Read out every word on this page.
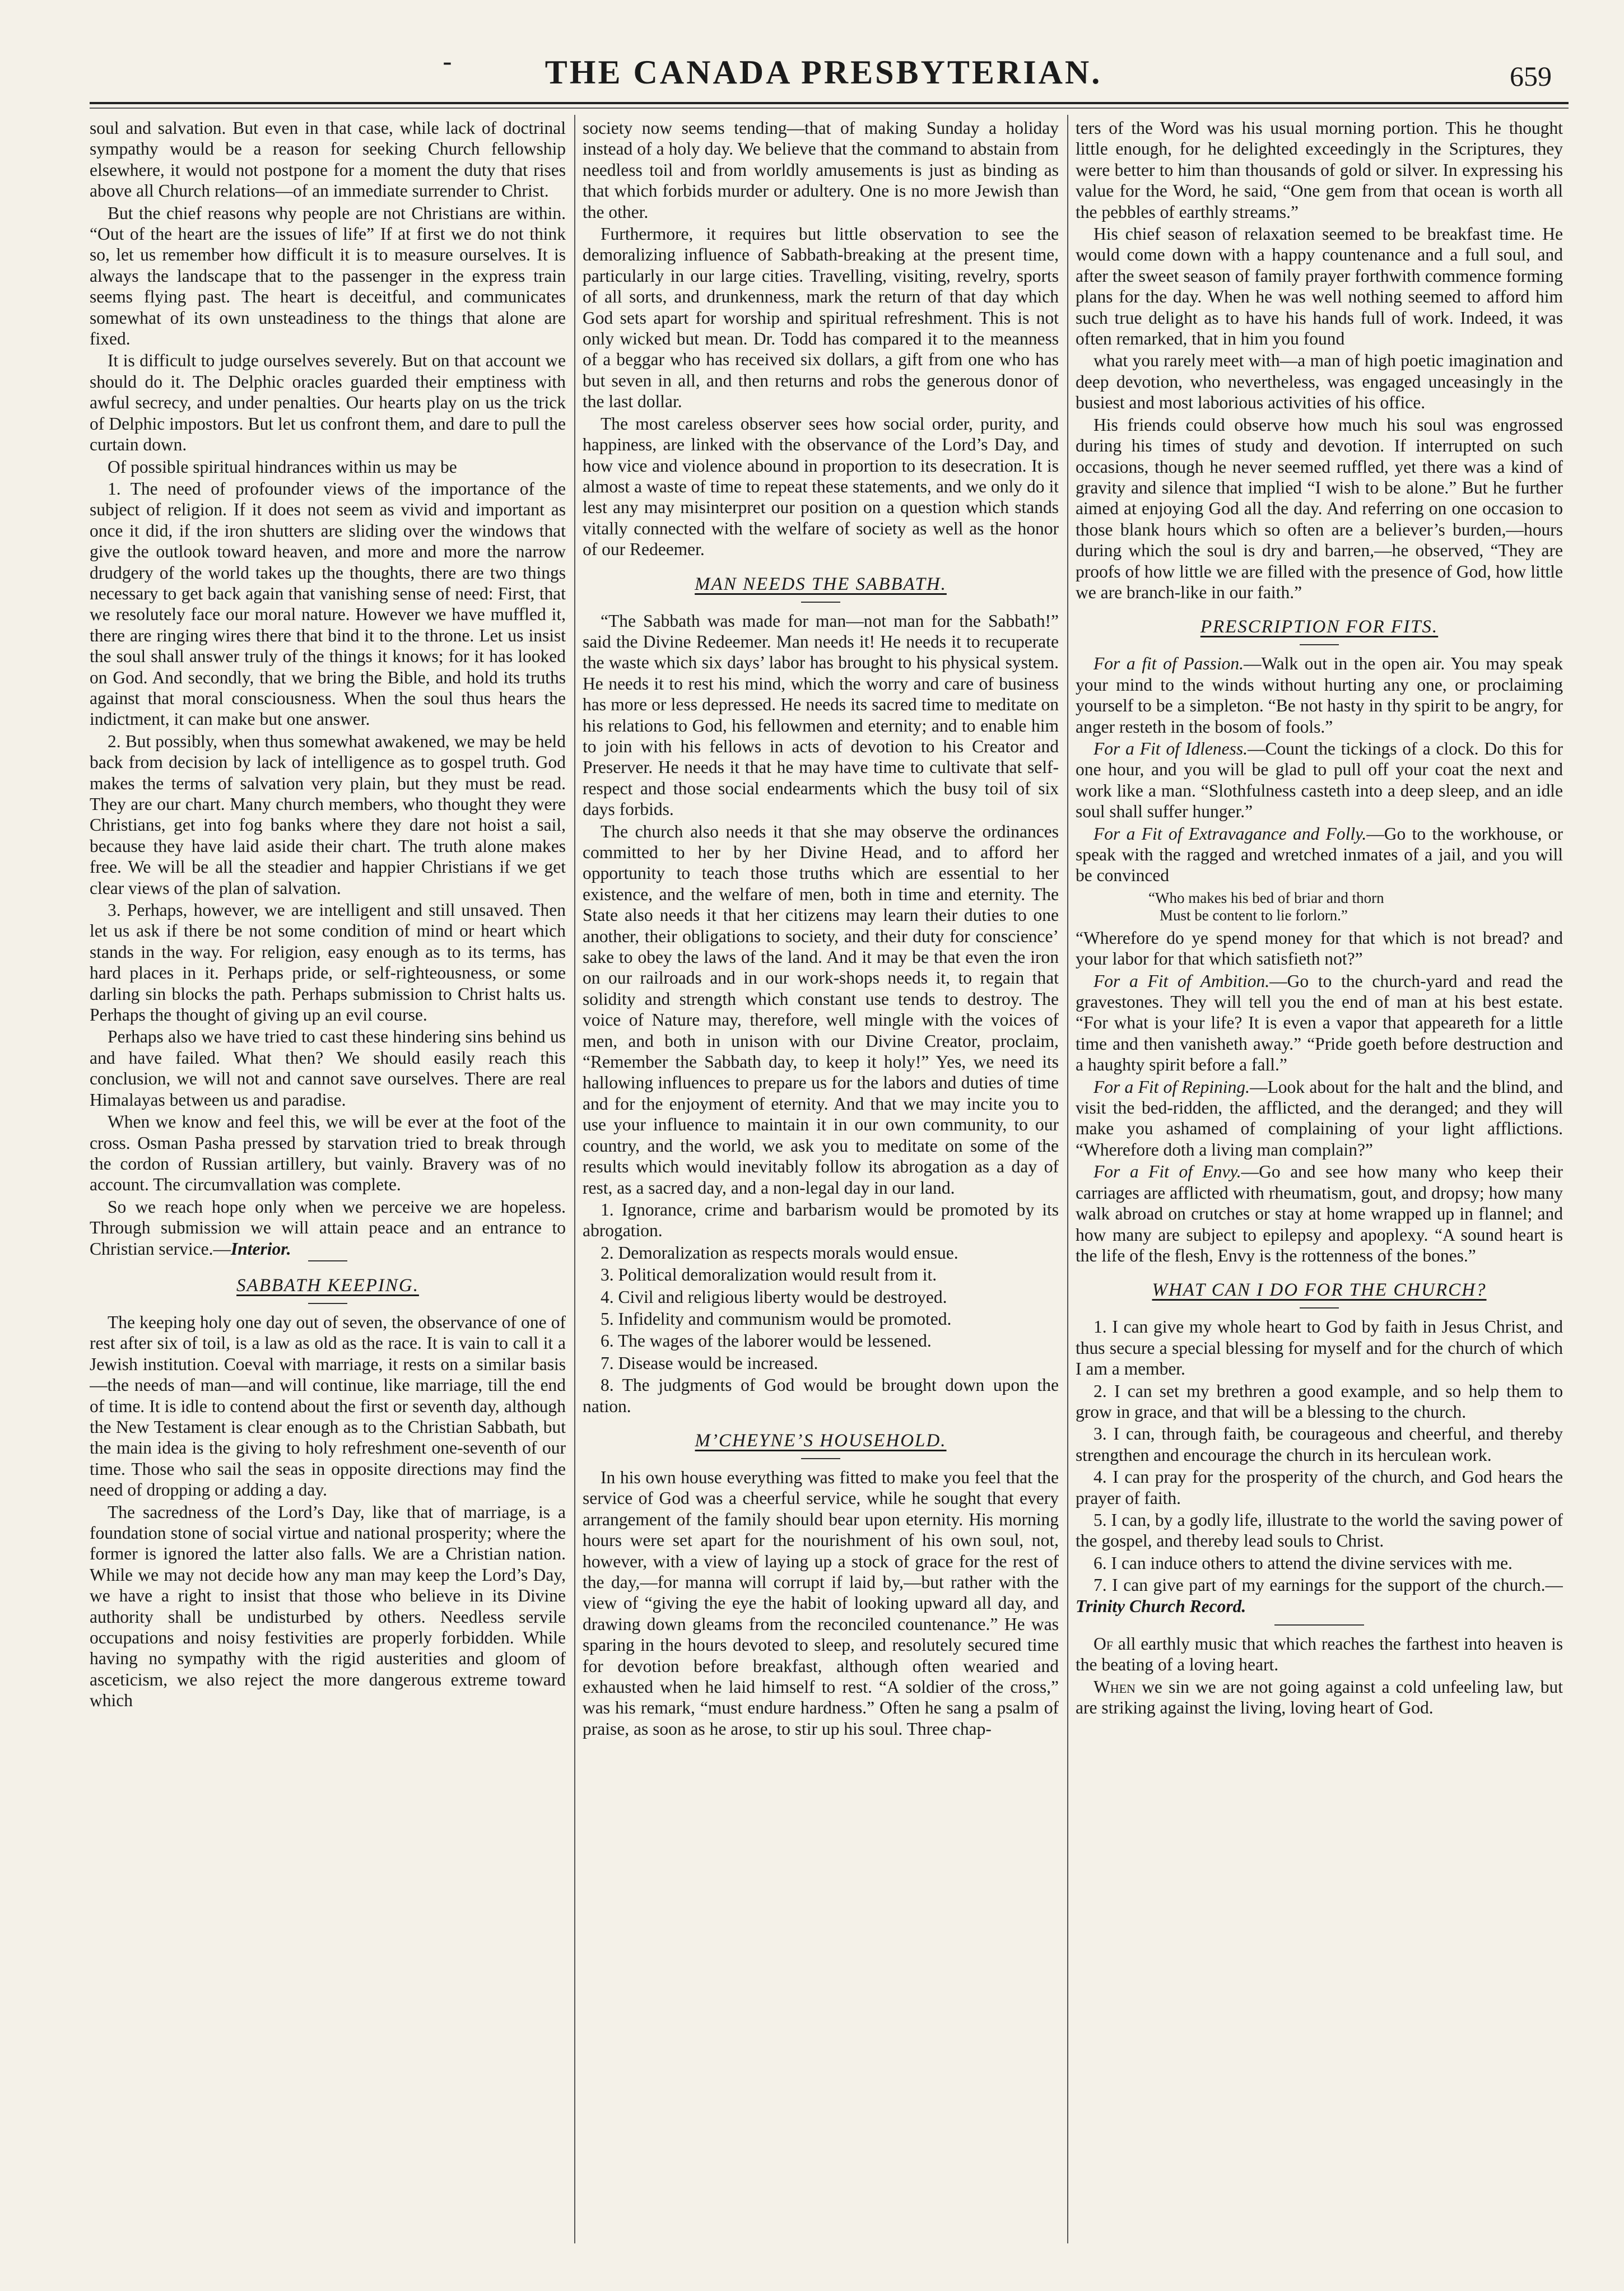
-	THE CANADA PRESBYTERIAN.	659

soul and salvation. But even in that case, while lack of doctrinal sympathy would be a reason for seeking Church fellowship elsewhere, it would not postpone for a moment the duty that rises above all Church relations—of an immediate surrender to Christ.

But the chief reasons why people are not Christians are within. “Out of the heart are the issues of life” If at first we do not think so, let us remember how difficult it is to measure ourselves. It is always the landscape that to the passenger in the express train seems flying past. The heart is deceitful, and communicates somewhat of its own unsteadiness to the things that alone are fixed.

It is difficult to judge ourselves severely. But on that account we should do it. The Delphic oracles guarded their emptiness with awful secrecy, and under penalties. Our hearts play on us the trick of Delphic impostors. But let us confront them, and dare to pull the curtain down.

Of possible spiritual hindrances within us may be

1. The need of profounder views of the importance of the subject of religion. If it does not seem as vivid and important as once it did, if the iron shutters are sliding over the windows that give the outlook toward heaven, and more and more the narrow drudgery of the world takes up the thoughts, there are two things necessary to get back again that vanishing sense of need: First, that we resolutely face our moral nature. However we have muffled it, there are ringing wires there that bind it to the throne. Let us insist the soul shall answer truly of the things it knows; for it has looked on God. And secondly, that we bring the Bible, and hold its truths against that moral consciousness. When the soul thus hears the indictment, it can make but one answer.

2. But possibly, when thus somewhat awakened, we may be held back from decision by lack of intelligence as to gospel truth. God makes the terms of salvation very plain, but they must be read. They are our chart. Many church members, who thought they were Christians, get into fog banks where they dare not hoist a sail, because they have laid aside their chart. The truth alone makes free. We will be all the steadier and happier Christians if we get clear views of the plan of salvation.

3. Perhaps, however, we are intelligent and still unsaved. Then let us ask if there be not some condition of mind or heart which stands in the way. For religion, easy enough as to its terms, has hard places in it. Perhaps pride, or self-righteousness, or some darling sin blocks the path. Perhaps submission to Christ halts us. Perhaps the thought of giving up an evil course.

Perhaps also we have tried to cast these hindering sins behind us and have failed. What then? We should easily reach this conclusion, we will not and cannot save ourselves. There are real Himalayas between us and paradise.

When we know and feel this, we will be ever at the foot of the cross. Osman Pasha pressed by starvation tried to break through the cordon of Russian artillery, but vainly. Bravery was of no account. The circumvallation was complete.

So we reach hope only when we perceive we are hopeless. Through submission we will attain peace and an entrance to Christian service.—Interior.

SABBATH KEEPING.

The keeping holy one day out of seven, the observance of one of rest after six of toil, is a law as old as the race. It is vain to call it a Jewish institution. Coeval with marriage, it rests on a similar basis—the needs of man—and will continue, like marriage, till the end of time. It is idle to contend about the first or seventh day, although the New Testament is clear enough as to the Christian Sabbath, but the main idea is the giving to holy refreshment one-seventh of our time. Those who sail the seas in opposite directions may find the need of dropping or adding a day.

The sacredness of the Lord’s Day, like that of marriage, is a foundation stone of social virtue and national prosperity; where the former is ignored the latter also falls. We are a Christian nation. While we may not decide how any man may keep the Lord’s Day, we have a right to insist that those who believe in its Divine authority shall be undisturbed by others. Needless servile occupations and noisy festivities are properly forbidden. While having no sympathy with the rigid austerities and gloom of asceticism, we also reject the more dangerous extreme toward which

society now seems tending—that of making Sunday a holiday instead of a holy day. We believe that the command to abstain from needless toil and from worldly amusements is just as binding as that which forbids murder or adultery. One is no more Jewish than the other.

Furthermore, it requires but little observation to see the demoralizing influence of Sabbath-breaking at the present time, particularly in our large cities. Travelling, visiting, revelry, sports of all sorts, and drunkenness, mark the return of that day which God sets apart for worship and spiritual refreshment. This is not only wicked but mean. Dr. Todd has compared it to the meanness of a beggar who has received six dollars, a gift from one who has but seven in all, and then returns and robs the generous donor of the last dollar.

The most careless observer sees how social order, purity, and happiness, are linked with the observance of the Lord’s Day, and how vice and violence abound in proportion to its desecration. It is almost a waste of time to repeat these statements, and we only do it lest any may misinterpret our position on a question which stands vitally connected with the welfare of society as well as the honor of our Redeemer.

MAN NEEDS THE SABBATH.

“The Sabbath was made for man—not man for the Sabbath!” said the Divine Redeemer. Man needs it! He needs it to recuperate the waste which six days’ labor has brought to his physical system. He needs it to rest his mind, which the worry and care of business has more or less depressed. He needs its sacred time to meditate on his relations to God, his fellowmen and eternity; and to enable him to join with his fellows in acts of devotion to his Creator and Preserver. He needs it that he may have time to cultivate that self-respect and those social endearments which the busy toil of six days forbids.

The church also needs it that she may observe the ordinances committed to her by her Divine Head, and to afford her opportunity to teach those truths which are essential to her existence, and the welfare of men, both in time and eternity. The State also needs it that her citizens may learn their duties to one another, their obligations to society, and their duty for conscience’ sake to obey the laws of the land. And it may be that even the iron on our railroads and in our work-shops needs it, to regain that solidity and strength which constant use tends to destroy. The voice of Nature may, therefore, well mingle with the voices of men, and both in unison with our Divine Creator, proclaim, “Remember the Sabbath day, to keep it holy!” Yes, we need its hallowing influences to prepare us for the labors and duties of time and for the enjoyment of eternity. And that we may incite you to use your influence to maintain it in our own community, to our country, and the world, we ask you to meditate on some of the results which would inevitably follow its abrogation as a day of rest, as a sacred day, and a non-legal day in our land.

1. Ignorance, crime and barbarism would be promoted by its abrogation.

2. Demoralization as respects morals would ensue.

3. Political demoralization would result from it.

4. Civil and religious liberty would be destroyed.

5. Infidelity and communism would be promoted.

6. The wages of the laborer would be lessened.

7. Disease would be increased.

8. The judgments of God would be brought down upon the nation.

M’CHEYNE’S HOUSEHOLD.

In his own house everything was fitted to make you feel that the service of God was a cheerful service, while he sought that every arrangement of the family should bear upon eternity. His morning hours were set apart for the nourishment of his own soul, not, however, with a view of laying up a stock of grace for the rest of the day,—for manna will corrupt if laid by,—but rather with the view of “giving the eye the habit of looking upward all day, and drawing down gleams from the reconciled countenance.” He was sparing in the hours devoted to sleep, and resolutely secured time for devotion before breakfast, although often wearied and exhausted when he laid himself to rest. “A soldier of the cross,” was his remark, “must endure hardness.” Often he sang a psalm of praise, as soon as he arose, to stir up his soul. Three chap-

ters of the Word was his usual morning portion. This he thought little enough, for he delighted exceedingly in the Scriptures, they were better to him than thousands of gold or silver. In expressing his value for the Word, he said, “One gem from that ocean is worth all the pebbles of earthly streams.”

His chief season of relaxation seemed to be breakfast time. He would come down with a happy countenance and a full soul, and after the sweet season of family prayer forthwith commence forming plans for the day. When he was well nothing seemed to afford him such true delight as to have his hands full of work. Indeed, it was often remarked, that in him you found

what you rarely meet with—a man of high poetic imagination and deep devotion, who nevertheless, was engaged unceasingly in the busiest and most laborious activities of his office.

His friends could observe how much his soul was engrossed during his times of study and devotion. If interrupted on such occasions, though he never seemed ruffled, yet there was a kind of gravity and silence that implied “I wish to be alone.” But he further aimed at enjoying God all the day. And referring on one occasion to those blank hours which so often are a believer’s burden,—hours during which the soul is dry and barren,—he observed, “They are proofs of how little we are filled with the presence of God, how little we are branch-like in our faith.”

PRESCRIPTION FOR FITS.

For a fit of Passion.—Walk out in the open air. You may speak your mind to the winds without hurting any one, or proclaiming yourself to be a simpleton. “Be not hasty in thy spirit to be angry, for anger resteth in the bosom of fools.”

For a Fit of Idleness.—Count the tickings of a clock. Do this for one hour, and you will be glad to pull off your coat the next and work like a man. “Slothfulness casteth into a deep sleep, and an idle soul shall suffer hunger.”

For a Fit of Extravagance and Folly.—Go to the workhouse, or speak with the ragged and wretched inmates of a jail, and you will be convinced

“Who makes his bed of briar and thorn
Must be content to lie forlorn.”

“Wherefore do ye spend money for that which is not bread? and your labor for that which satisfieth not?”

For a Fit of Ambition.—Go to the church-yard and read the gravestones. They will tell you the end of man at his best estate. “For what is your life? It is even a vapor that appeareth for a little time and then vanisheth away.” “Pride goeth before destruction and a haughty spirit before a fall.”

For a Fit of Repining.—Look about for the halt and the blind, and visit the bed-ridden, the afflicted, and the deranged; and they will make you ashamed of complaining of your light afflictions. “Wherefore doth a living man complain?”

For a Fit of Envy.—Go and see how many who keep their carriages are afflicted with rheumatism, gout, and dropsy; how many walk abroad on crutches or stay at home wrapped up in flannel; and how many are subject to epilepsy and apoplexy. “A sound heart is the life of the flesh, Envy is the rottenness of the bones.”

WHAT CAN I DO FOR THE CHURCH?

1. I can give my whole heart to God by faith in Jesus Christ, and thus secure a special blessing for myself and for the church of which I am a member.

2. I can set my brethren a good example, and so help them to grow in grace, and that will be a blessing to the church.

3. I can, through faith, be courageous and cheerful, and thereby strengthen and encourage the church in its herculean work.

4. I can pray for the prosperity of the church, and God hears the prayer of faith.

5. I can, by a godly life, illustrate to the world the saving power of the gospel, and thereby lead souls to Christ.

6. I can induce others to attend the divine services with me.

7. I can give part of my earnings for the support of the church.—Trinity Church Record.

Of all earthly music that which reaches the farthest into heaven is the beating of a loving heart.

When we sin we are not going against a cold unfeeling law, but are striking against the living, loving heart of God.
